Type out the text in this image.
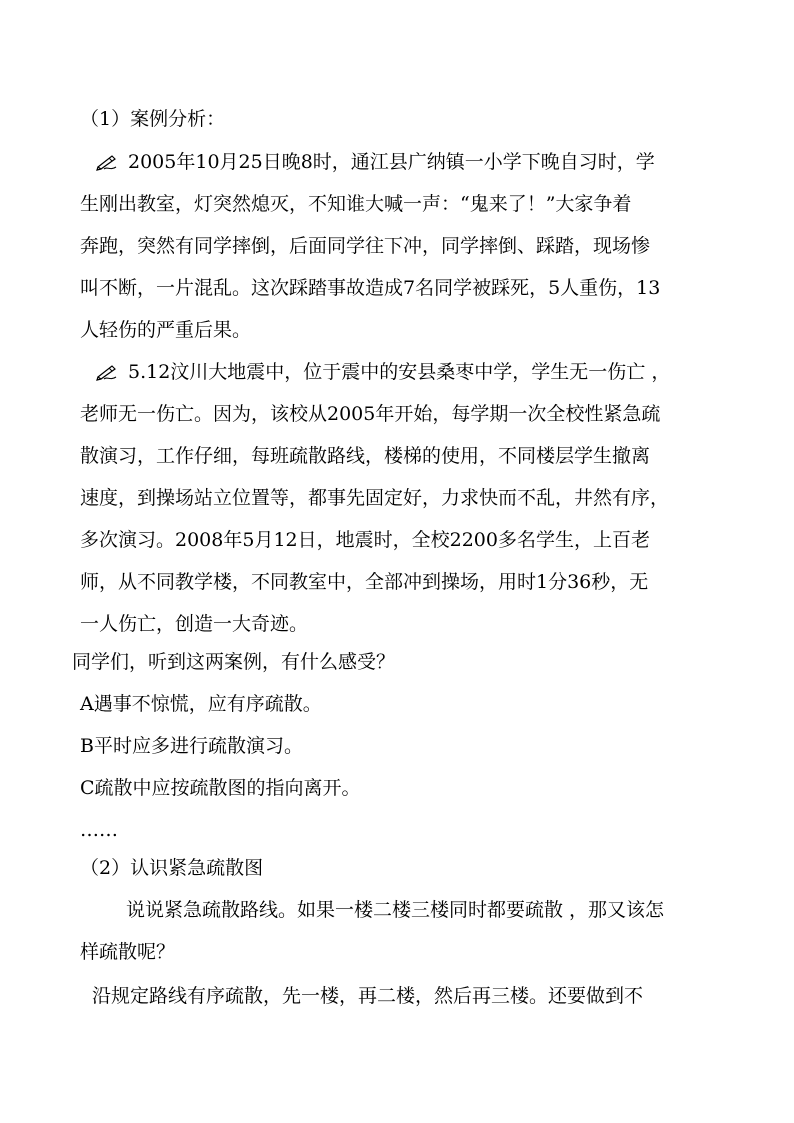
（1）案例分析：
2005年10月25日晚8时，通江县广纳镇一小学下晚自习时，学
生刚出教室，灯突然熄灭，不知谁大喊一声：“鬼来了！”大家争着
奔跑，突然有同学摔倒，后面同学往下冲，同学摔倒、踩踏，现场惨
叫不断，一片混乱。这次踩踏事故造成7名同学被踩死，5人重伤，13
人轻伤的严重后果。
5.12汶川大地震中，位于震中的安县桑枣中学，学生无一伤亡 ，
老师无一伤亡。因为，该校从2005年开始，每学期一次全校性紧急疏
散演习，工作仔细，每班疏散路线，楼梯的使用，不同楼层学生撤离
速度，到操场站立位置等，都事先固定好，力求快而不乱，井然有序，
多次演习。2008年5月12日，地震时，全校2200多名学生，上百老
师，从不同教学楼，不同教室中，全部冲到操场，用时1分36秒，无
一人伤亡，创造一大奇迹。
同学们，听到这两案例，有什么感受？
A遇事不惊慌，应有序疏散。
B平时应多进行疏散演习。
C疏散中应按疏散图的指向离开。
……
（2）认识紧急疏散图
说说紧急疏散路线。如果一楼二楼三楼同时都要疏散 ，那又该怎
样疏散呢？
沿规定路线有序疏散，先一楼，再二楼，然后再三楼。还要做到不
